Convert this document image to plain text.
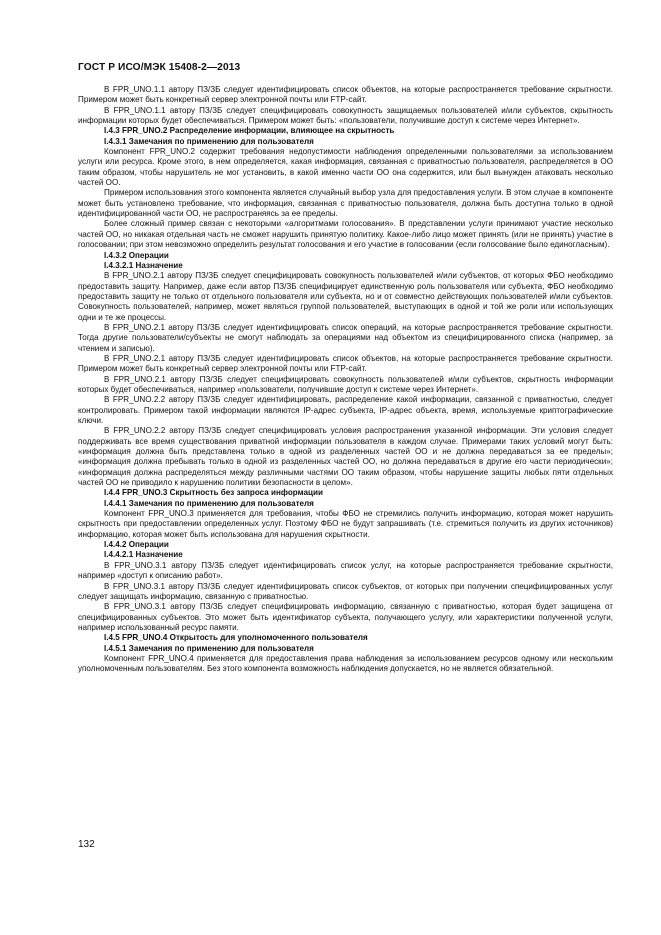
ГОСТ Р ИСО/МЭК 15408-2—2013

В FPR_UNO.1.1 автору ПЗ/ЗБ следует идентифицировать список объектов, на которые распространяется требование скрытности. Примером может быть конкретный сервер электронной почты или FTP-сайт.

В FPR_UNO.1.1 автору ПЗ/ЗБ следует специфицировать совокупность защищаемых пользователей и/или субъектов, скрытность информации которых будет обеспечиваться. Примером может быть: «пользователи, получившие доступ к системе через Интернет».

I.4.3 FPR_UNO.2 Распределение информации, влияющее на скрытность

I.4.3.1 Замечания по применению для пользователя

Компонент FPR_UNO.2 содержит требования недопустимости наблюдения определенными пользователями за использованием услуги или ресурса. Кроме этого, в нем определяется, какая информация, связанная с приватностью пользователя, распределяется в ОО таким образом, чтобы нарушитель не мог установить, в какой именно части ОО она содержится, или был вынужден атаковать несколько частей ОО.

Примером использования этого компонента является случайный выбор узла для предоставления услуги. В этом случае в компоненте может быть установлено требование, что информация, связанная с приватностью пользователя, должна быть доступна только в одной идентифицированной части ОО, не распространяясь за ее пределы.

Более сложный пример связан с некоторыми «алгоритмами голосования». В представлении услуги принимают участие несколько частей ОО, но никакая отдельная часть не сможет нарушить принятую политику. Какое-либо лицо может принять (или не принять) участие в голосовании; при этом невозможно определить результат голосования и его участие в голосовании (если голосование было единогласным).

I.4.3.2 Операции

I.4.3.2.1 Назначение

В FPR_UNO.2.1 автору ПЗ/ЗБ следует специфицировать совокупность пользователей и/или субъектов, от которых ФБО необходимо предоставить защиту. Например, даже если автор ПЗ/ЗБ специфицирует единственную роль пользователя или субъекта, ФБО необходимо предоставить защиту не только от отдельного пользователя или субъекта, но и от совместно действующих пользователей и/или субъектов. Совокупность пользователей, например, может являться группой пользователей, выступающих в одной и той же роли или использующих одни и те же процессы.

В FPR_UNO.2.1 автору ПЗ/ЗБ следует идентифицировать список операций, на которые распространяется требование скрытности. Тогда другие пользователи/субъекты не смогут наблюдать за операциями над объектом из специфицированного списка (например, за чтением и записью).

В FPR_UNO.2.1 автору ПЗ/ЗБ следует идентифицировать список объектов, на которые распространяется требование скрытности. Примером может быть конкретный сервер электронной почты или FTP-сайт.

В FPR_UNO.2.1 автору ПЗ/ЗБ следует специфицировать совокупность пользователей и/или субъектов, скрытность информации которых будет обеспечиваться, например «пользователи, получившие доступ к системе через Интернет».

В FPR_UNO.2.2 автору ПЗ/ЗБ следует идентифицировать, распределение какой информации, связанной с приватностью, следует контролировать. Примером такой информации являются IP-адрес субъекта, IP-адрес объекта, время, используемые криптографические ключи.

В FPR_UNO.2.2 автору ПЗ/ЗБ следует специфицировать условия распространения указанной информации. Эти условия следует поддерживать все время существования приватной информации пользователя в каждом случае. Примерами таких условий могут быть: «информация должна быть представлена только в одной из разделенных частей ОО и не должна передаваться за ее пределы»; «информация должна пребывать только в одной из разделенных частей ОО, но должна передаваться в другие его части периодически»; «информация должна распределяться между различными частями ОО таким образом, чтобы нарушение защиты любых пяти отдельных частей ОО не приводило к нарушению политики безопасности в целом».

I.4.4 FPR_UNO.3 Скрытность без запроса информации

I.4.4.1 Замечания по применению для пользователя

Компонент FPR_UNO.3 применяется для требования, чтобы ФБО не стремились получить информацию, которая может нарушить скрытность при предоставлении определенных услуг. Поэтому ФБО не будут запрашивать (т.е. стремиться получить из других источников) информацию, которая может быть использована для нарушения скрытности.

I.4.4.2 Операции

I.4.4.2.1 Назначение

В FPR_UNO.3.1 автору ПЗ/ЗБ следует идентифицировать список услуг, на которые распространяется требование скрытности, например «доступ к описанию работ».

В FPR_UNO.3.1 автору ПЗ/ЗБ следует идентифицировать список субъектов, от которых при получении специфицированных услуг следует защищать информацию, связанную с приватностью.

В FPR_UNO.3.1 автору ПЗ/ЗБ следует специфицировать информацию, связанную с приватностью, которая будет защищена от специфицированных субъектов. Это может быть идентификатор субъекта, получающего услугу, или характеристики полученной услуги, например использованный ресурс памяти.

I.4.5 FPR_UNO.4 Открытость для уполномоченного пользователя

I.4.5.1 Замечания по применению для пользователя

Компонент FPR_UNO.4 применяется для предоставления права наблюдения за использованием ресурсов одному или нескольким уполномоченным пользователям. Без этого компонента возможность наблюдения допускается, но не является обязательной.

132
